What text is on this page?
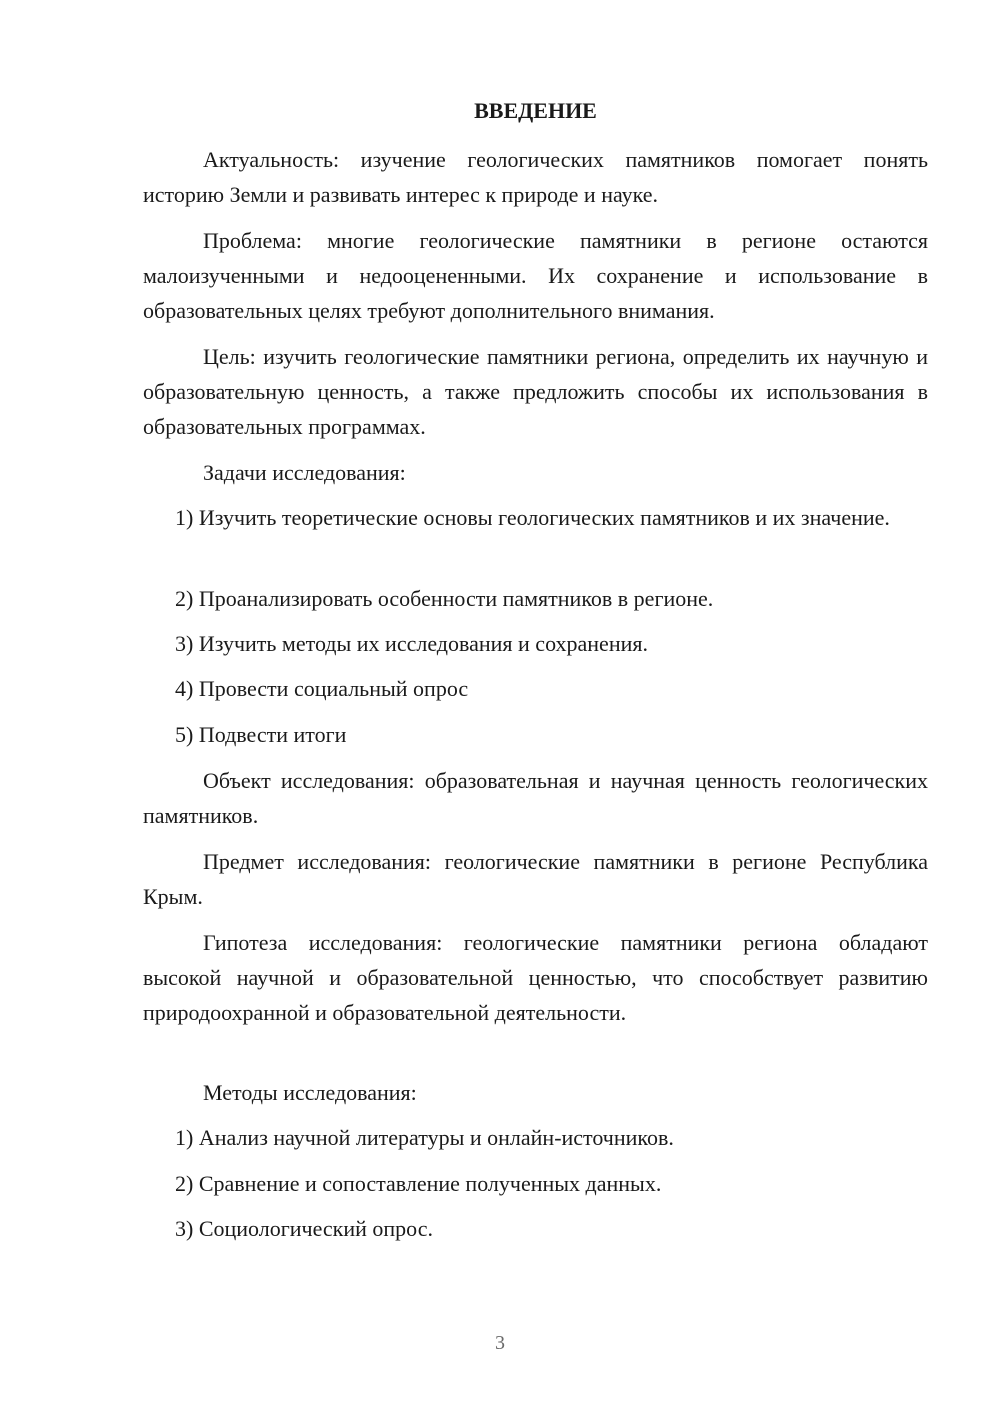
ВВЕДЕНИЕ

Актуальность: изучение геологических памятников помогает понять историю Земли и развивать интерес к природе и науке.

Проблема: многие геологические памятники в регионе остаются малоизученными и недооцененными. Их сохранение и использование в образовательных целях требуют дополнительного внимания.

Цель: изучить геологические памятники региона, определить их научную и образовательную ценность, а также предложить способы их использования в образовательных программах.

Задачи исследования:

1) Изучить теоретические основы геологических памятников и их значение.

2) Проанализировать особенности памятников в регионе.

3) Изучить методы их исследования и сохранения.

4) Провести социальный опрос

5) Подвести итоги

Объект исследования: образовательная и научная ценность геологических памятников.

Предмет исследования: геологические памятники в регионе Республика Крым.

Гипотеза исследования: геологические памятники региона обладают высокой научной и образовательной ценностью, что способствует развитию природоохранной и образовательной деятельности.

Методы исследования:

1) Анализ научной литературы и онлайн-источников.

2) Сравнение и сопоставление полученных данных.

3) Социологический опрос.

3
